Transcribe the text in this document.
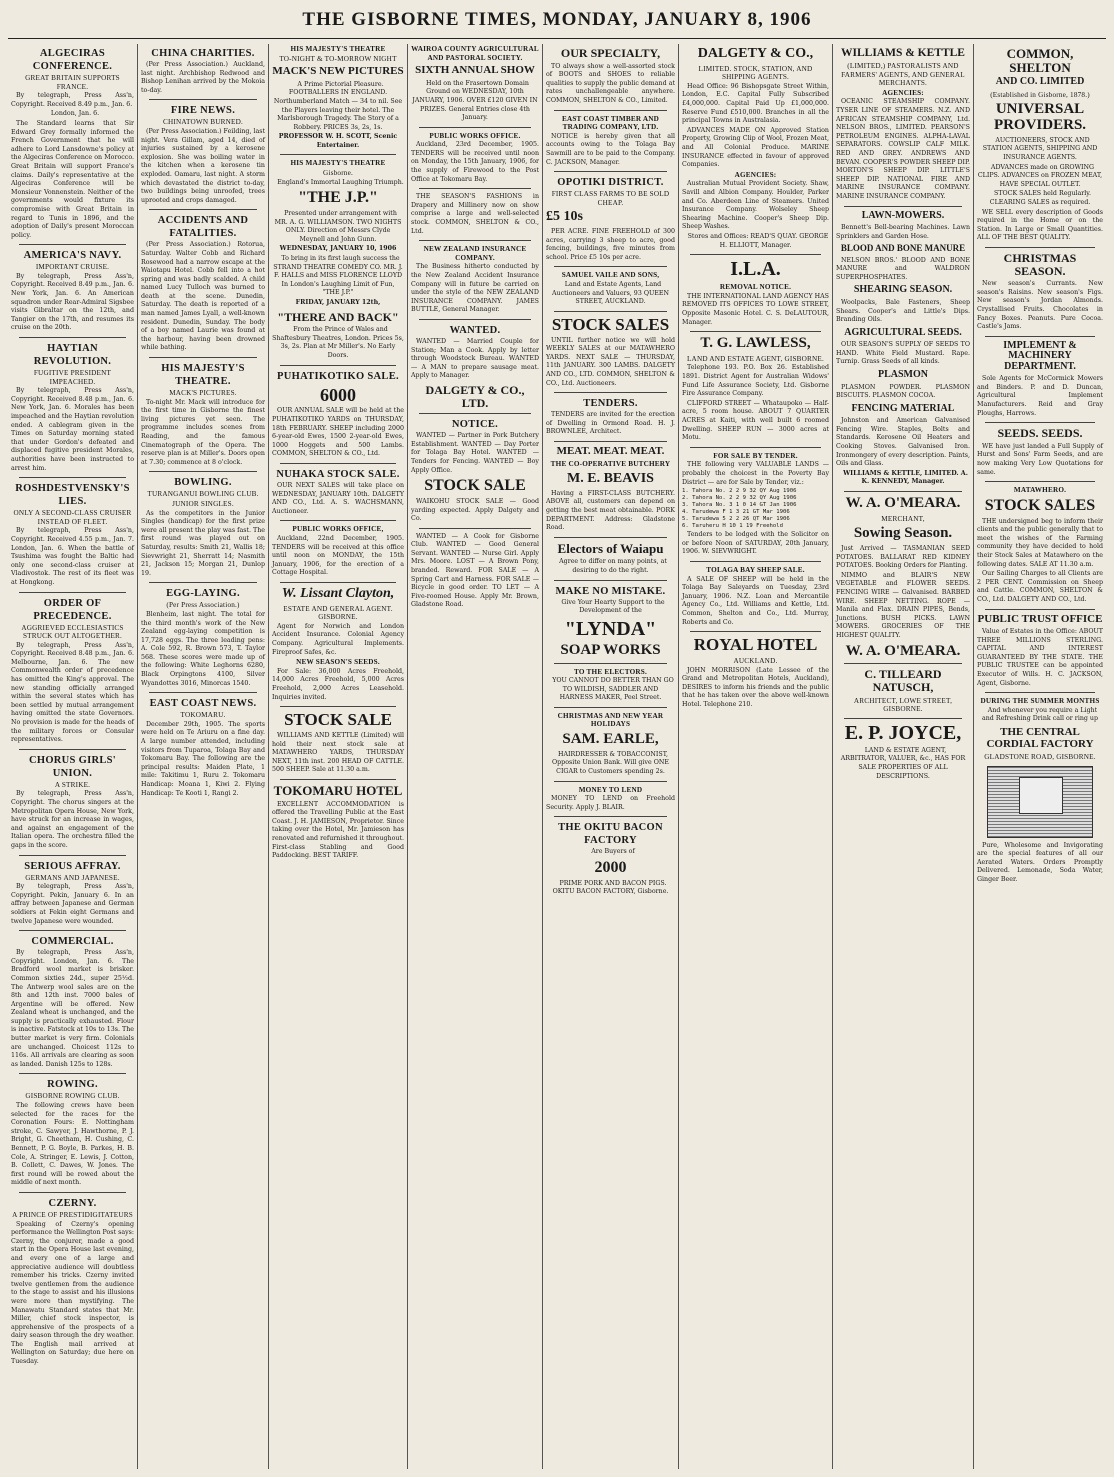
THE GISBORNE TIMES, MONDAY, JANUARY 8, 1906
ALGECIRAS CONFERENCE.
GREAT BRITAIN SUPPORTS FRANCE.

By telegraph, Press Ass'n, Copyright. Received 8.49 p.m., Jan. 6.

London, Jan. 6.

The Standard learns that Sir Edward Grey formally informed the French Government that he will adhere to Lord Lansdowne's policy at the Algeciras Conference on Morocco. Great Britain will support France's claims. Daily's representative at the Algeciras Conference will be Monsieur Vonnenstein. Neither of the governments would fixture its compromise with Great Britain in regard to Tunis in 1896, and the adoption of Daily's present Moroccan policy.

AMERICA'S NAVY.
IMPORTANT CRUISE.

By telegraph, Press Ass'n, Copyright. Received 8.49 p.m., Jan. 6. New York, Jan. 6. An American squadron under Rear-Admiral Sigsbee visits Gibraltar on the 12th, and Tangier on the 17th, and resumes its cruise on the 20th.

HAYTIAN REVOLUTION.
FUGITIVE PRESIDENT IMPEACHED.

By telegraph, Press Ass'n, Copyright. Received 8.48 p.m., Jan. 6. New York, Jan. 6. Morales has been impeached and the Haytian revolution ended. A cablegram given in the Times on Saturday morning stated that under Gordon's defeated and displaced fugitive president Morales, authorities have been instructed to arrest him.

ROSHDESTVENSKY'S LIES.
ONLY A SECOND-CLASS CRUISER INSTEAD OF FLEET.

By telegraph, Press Ass'n, Copyright. Received 4.55 p.m., Jan. 7. London, Jan. 6. When the battle of Tsushima was fought the Baltic had only one second-class cruiser at Vladivostok. The rest of its fleet was at Hongkong.

ORDER OF PRECEDENCE.
AGGRIEVED ECCLESIASTICS STRUCK OUT ALTOGETHER.

By telegraph, Press Ass'n, Copyright. Received 8.48 p.m., Jan. 6. Melbourne, Jan. 6. The new Commonwealth order of precedence has omitted the King's approval. The new standing officially arranged within the several states which has been settled by mutual arrangement having omitted the state Governors. No provision is made for the heads of the military forces or Consular representatives.

CHORUS GIRLS' UNION.
A STRIKE.

By telegraph, Press Ass'n, Copyright. The chorus singers at the Metropolitan Opera House, New York, have struck for an increase in wages, and against an engagement of the Italian opera. The orchestra filled the gaps in the score.

SERIOUS AFFRAY.
GERMANS AND JAPANESE.

By telegraph, Press Ass'n, Copyright. Pekin, January 6. In an affray between Japanese and German soldiers at Fekin eight Germans and twelve Japanese were wounded.

COMMERCIAL.

By telegraph, Press Ass'n, Copyright. London, Jan. 6. The Bradford wool market is brisker. Common sixties 24d., super 25½d. The Antwerp wool sales are on the 8th and 12th inst. 7000 bales of Argentine will be offered. New Zealand wheat is unchanged, and the supply is practically exhausted. Flour is inactive. Fatstock at 10s to 13s. The butter market is very firm. Colonials are unchanged. Choicest 112s to 116s. All arrivals are clearing as soon as landed. Danish 125s to 128s.

ROWING.
GISBORNE ROWING CLUB.

The following crews have been selected for the races for the Coronation Fours: E. Nottingham stroke, C. Sawyer, J. Hawthorne, P. J. Bright, G. Cheetham, H. Cushing, C. Bennett, P. G. Boyle, B. Parkes, H. B. Cole, A. Stringer, E. Lewis, J. Cotton, B. Collett, C. Dawes, W. Jones. The first round will be rowed about the middle of next month.

CZERNY.
A PRINCE OF PRESTIDIGITATEURS

Speaking of Czerny's opening performance the Wellington Post says: Czerny, the conjurer, made a good start in the Opera House last evening, and every one of a large and appreciative audience will doubtless remember his tricks. Czerny invited twelve gentlemen from the audience to the stage to assist and his illusions were more than mystifying. The Manawatu Standard states that Mr. Miller, chief stock inspector, is apprehensive of the prospects of a dairy season through the dry weather. The English mail arrived at Wellington on Saturday; due here on Tuesday.

CHINA CHARITIES.

(Per Press Association.) Auckland, last night. Archbishop Redwood and Bishop Lenihan arrived by the Mokoia to-day.

FIRE NEWS.
CHINATOWN BURNED.

(Per Press Association.) Feilding, last night. Vera Gillam, aged 14, died of injuries sustained by a kerosene explosion. She was boiling water in the kitchen when a kerosene tin exploded. Oamaru, last night. A storm which devastated the district to-day, two buildings being unroofed, trees uprooted and crops damaged.

ACCIDENTS AND FATALITIES.

(Per Press Association.) Rotorua, Saturday. Walter Cobb and Richard Rosewood had a narrow escape at the Waiotapu Hotel. Cobb fell into a hot spring and was badly scalded. A child named Lucy Tulloch was burned to death at the scene. Dunedin, Saturday. The death is reported of a man named James Lyall, a well-known resident. Dunedin, Sunday. The body of a boy named Laurie was found at the harbour, having been drowned while bathing.

HIS MAJESTY'S THEATRE.
MACK'S PICTURES.

To-night Mr. Mack will introduce for the first time in Gisborne the finest living pictures yet seen. The programme includes scenes from Reading, and the famous Cinematograph of the Opera. The reserve plan is at Miller's. Doors open at 7.30; commence at 8 o'clock.

BOWLING.
TURANGANUI BOWLING CLUB.
JUNIOR SINGLES.

As the competitors in the Junior Singles (handicap) for the first prize were all present the play was fast. The first round was played out on Saturday, results: Smith 21, Wallis 18; Sievwright 21, Sherratt 14; Nasmith 21, Jackson 15; Morgan 21, Dunlop 19.

EGG-LAYING.
(Per Press Association.)

Blenheim, last night. The total for the third month's work of the New Zealand egg-laying competition is 17,728 eggs. The three leading pens: A. Cole 592, R. Brown 573, T. Taylor 568. These scores were made up of the following: White Leghorns 6280, Black Orpingtons 4100, Silver Wyandottes 3016, Minorcas 1540.

EAST COAST NEWS.
TOKOMARU.

December 29th, 1905. The sports were held on Te Ariuru on a fine day. A large number attended, including visitors from Tuparoa, Tolaga Bay and Tokomaru Bay. The following are the principal results: Maiden Plate, 1 mile: Takitimu 1, Ruru 2. Tokomaru Handicap: Moana 1, Kiwi 2. Flying Handicap: Te Kooti 1, Rangi 2.

HIS MAJESTY'S THEATRE
TO-NIGHT & TO-MORROW NIGHT
MACK'S NEW PICTURES

A Prime Pictorial Pleasure. FOOTBALLERS IN ENGLAND. Northumberland Match — 34 to nil. See the Players leaving their hotel. The Marlsborough Tragedy. The Story of a Robbery. PRICES 3s, 2s, 1s.

PROFESSOR W. H. SCOTT, Scenic Entertainer.
HIS MAJESTY'S THEATRE
Gisborne.

England's Immortal Laughing Triumph.

"THE J.P."

Presented under arrangement with MR. A. G. WILLIAMSON. TWO NIGHTS ONLY. Direction of Messrs Clyde Meynell and John Gunn.

WEDNESDAY, JANUARY 10, 1906

To bring in its first laugh success the STRAND THEATRE COMEDY CO. MR. J. F. HALLS and MISS FLORENCE LLOYD In London's Laughing Limit of Fun, "THE J.P."

FRIDAY, JANUARY 12th,
"THERE AND BACK"

From the Prince of Wales and Shaftesbury Theatres, London. Prices 5s, 3s, 2s. Plan at Mr Miller's. No Early Doors.

PUHATIKOTIKO SALE.
6000

OUR ANNUAL SALE will be held at the PUHATIKOTIKO YARDS on THURSDAY, 18th FEBRUARY. SHEEP including 2000 6-year-old Ewes, 1500 2-year-old Ewes, 1000 Hoggets and 500 Lambs. COMMON, SHELTON & CO., Ltd.

NUHAKA STOCK SALE.

OUR NEXT SALES will take place on WEDNESDAY, JANUARY 10th. DALGETY AND CO., Ltd. A. S. WACHSMANN, Auctioneer.

PUBLIC WORKS OFFICE,

Auckland, 22nd December, 1905. TENDERS will be received at this office until noon on MONDAY, the 15th January, 1906, for the erection of a Cottage Hospital.

W. Lissant Clayton,
ESTATE AND GENERAL AGENT. GISBORNE.

Agent for Norwich and London Accident Insurance. Colonial Agency Company. Agricultural Implements. Fireproof Safes, &c.

NEW SEASON'S SEEDS.

For Sale: 36,000 Acres Freehold, 14,000 Acres Freehold, 5,000 Acres Freehold, 2,000 Acres Leasehold. Inquiries invited.

STOCK SALE

WILLIAMS AND KETTLE (Limited) will hold their next stock sale at MATAWHERO YARDS, THURSDAY NEXT, 11th inst. 200 HEAD OF CATTLE. 500 SHEEP. Sale at 11.30 a.m.

TOKOMARU HOTEL

EXCELLENT ACCOMMODATION is offered the Travelling Public at the East Coast. J. H. JAMIESON, Proprietor. Since taking over the Hotel, Mr. Jamieson has renovated and refurnished it throughout. First-class Stabling and Good Paddocking. BEST TARIFF.

WAIROA COUNTY AGRICULTURAL AND PASTORAL SOCIETY.
SIXTH ANNUAL SHOW

Held on the Frasertown Domain Ground on WEDNESDAY, 10th JANUARY, 1906. OVER £120 GIVEN IN PRIZES. General Entries close 4th January.

PUBLIC WORKS OFFICE.

Auckland, 23rd December, 1905. TENDERS will be received until noon on Monday, the 15th January, 1906, for the supply of Firewood to the Post Office at Tokomaru Bay.

THE SEASON'S FASHIONS in Drapery and Millinery now on show comprise a large and well-selected stock. COMMON, SHELTON & CO., Ltd.

NEW ZEALAND INSURANCE COMPANY.

The Business hitherto conducted by the New Zealand Accident Insurance Company will in future be carried on under the style of the NEW ZEALAND INSURANCE COMPANY. JAMES BUTTLE, General Manager.

WANTED.

WANTED — Married Couple for Station; Man a Cook. Apply by letter through Woodstock Bureau. WANTED — A MAN to prepare sausage meat. Apply to Manager.

DALGETY & CO., LTD.
NOTICE.

WANTED — Partner in Pork Butchery Establishment. WANTED — Day Porter for Tolaga Bay Hotel. WANTED — Tenders for Fencing. WANTED — Boy Apply Office.

STOCK SALE

WAIKOHU STOCK SALE — Good yarding expected. Apply Dalgety and Co.

WANTED — A Cook for Gisborne Club. WANTED — Good General Servant. WANTED — Nurse Girl. Apply Mrs. Moore. LOST — A Brown Pony, branded. Reward. FOR SALE — A Spring Cart and Harness. FOR SALE — Bicycle in good order. TO LET — A Five-roomed House. Apply Mr. Brown, Gladstone Road.

OUR SPECIALTY,

TO always show a well-assorted stock of BOOTS and SHOES to reliable qualities to supply the public demand at rates unchallengeable anywhere. COMMON, SHELTON & CO., Limited.

EAST COAST TIMBER AND TRADING COMPANY, LTD.

NOTICE is hereby given that all accounts owing to the Tolaga Bay Sawmill are to be paid to the Company. C. JACKSON, Manager.

OPOTIKI DISTRICT.
FIRST CLASS FARMS TO BE SOLD CHEAP.
£5 10s

PER ACRE. FINE FREEHOLD of 300 acres, carrying 3 sheep to acre, good fencing, buildings, five minutes from school. Price £5 10s per acre.

SAMUEL VAILE AND SONS,

Land and Estate Agents, Land Auctioneers and Valuers, 93 QUEEN STREET, AUCKLAND.

STOCK SALES

UNTIL further notice we will hold WEEKLY SALES at our MATAWHERO YARDS. NEXT SALE — THURSDAY, 11th JANUARY. 300 LAMBS. DALGETY AND CO., LTD. COMMON, SHELTON & CO., Ltd. Auctioneers.

TENDERS.

TENDERS are invited for the erection of Dwelling in Ormond Road. H. J. BROWNLEE, Architect.

MEAT. MEAT. MEAT.
THE CO-OPERATIVE BUTCHERY
M. E. BEAVIS

Having a FIRST-CLASS BUTCHERY. ABOVE all, customers can depend on getting the best meat obtainable. PORK DEPARTMENT. Address: Gladstone Road.

Electors of Waiapu

Agree to differ on many points, at desiring to do the right.

MAKE NO MISTAKE.

Give Your Hearty Support to the Development of the

"LYNDA"
SOAP WORKS
TO THE ELECTORS.

YOU CANNOT DO BETTER THAN GO TO WILDISH, SADDLER AND HARNESS MAKER, Peel Street.

CHRISTMAS AND NEW YEAR HOLIDAYS
SAM. EARLE,

HAIRDRESSER & TOBACCONIST, Opposite Union Bank. Will give ONE CIGAR to Customers spending 2s.

MONEY TO LEND

MONEY TO LEND on Freehold Security. Apply J. BLAIR.

THE OKITU BACON FACTORY

Are Buyers of

2000

PRIME PORK AND BACON PIGS. OKITU BACON FACTORY, Gisborne.

DALGETY & CO.,
LIMITED. STOCK, STATION, AND SHIPPING AGENTS.

Head Office: 96 Bishopsgate Street Within, London, E.C. Capital Fully Subscribed £4,000,000. Capital Paid Up £1,000,000. Reserve Fund £510,000. Branches in all the principal Towns in Australasia.

ADVANCES MADE ON Approved Station Property, Growing Clip of Wool, Frozen Meat, and All Colonial Produce. MARINE INSURANCE effected in favour of approved Companies.

AGENCIES:

Australian Mutual Provident Society. Shaw, Savill and Albion Company. Houlder, Parker and Co. Aberdeen Line of Steamers. United Insurance Company. Wolseley Sheep Shearing Machine. Cooper's Sheep Dip. Sheep Washes.

Stores and Offices: READ'S QUAY. GEORGE H. ELLIOTT, Manager.

I.L.A.
REMOVAL NOTICE.

THE INTERNATIONAL LAND AGENCY HAS REMOVED ITS OFFICES TO LOWE STREET, Opposite Masonic Hotel. C. S. DeLAUTOUR, Manager.

T. G. LAWLESS,
LAND AND ESTATE AGENT, GISBORNE.

Telephone 193. P.O. Box 26. Established 1891. District Agent for Australian Widows' Fund Life Assurance Society, Ltd. Gisborne Fire Assurance Company.

CLIFFORD STREET — Whataupoko — Half-acre, 5 room house. ABOUT 7 QUARTER ACRES at Kaiti, with well built 6 roomed Dwelling. SHEEP RUN — 3000 acres at Motu.

FOR SALE BY TENDER.

THE following very VALUABLE LANDS — probably the choicest in the Poverty Bay District — are for Sale by Tender, viz.:

1. Tahora No. 2 2 9 32 QY Aug 1906
2. Tahora No. 2 2 9 32 QY Aug 1906
3. Tahora No. 3 1 0 14 GT Jan 1906
4. Tarudewa F 1 3 21 GT Mar 1906
5. Tarudewa 5 2 2 26 QT Mar 1906
6. Taruheru H 10 1 19 Freehold

Tenders to be lodged with the Solicitor on or before Noon of SATURDAY, 20th January, 1906. W. SIEVWRIGHT.

TOLAGA BAY SHEEP SALE.

A SALE OF SHEEP will be held in the Tolaga Bay Saleyards on Tuesday, 23rd January, 1906. N.Z. Loan and Mercantile Agency Co., Ltd. Williams and Kettle, Ltd. Common, Shelton and Co., Ltd. Murray, Roberts and Co.

ROYAL HOTEL
AUCKLAND.

JOHN MORRISON (Late Lessee of the Grand and Metropolitan Hotels, Auckland), DESIRES to inform his friends and the public that he has taken over the above well-known Hotel. Telephone 210.

WILLIAMS & KETTLE
(LIMITED,) PASTORALISTS AND FARMERS' AGENTS, AND GENERAL MERCHANTS.
AGENCIES:

OCEANIC STEAMSHIP COMPANY. TYSER LINE OF STEAMERS. N.Z. AND AFRICAN STEAMSHIP COMPANY, Ltd. NELSON BROS., LIMITED. PEARSON'S PETROLEUM ENGINES. ALPHA-LAVAL SEPARATORS. COWSLIP CALF MILK. RED AND GREY. ANDREWS AND BEVAN. COOPER'S POWDER SHEEP DIP. MORTON'S SHEEP DIP. LITTLE'S SHEEP DIP. NATIONAL FIRE AND MARINE INSURANCE COMPANY. MARINE INSURANCE COMPANY.

LAWN-MOWERS.

Bennett's Bell-bearing Machines. Lawn Sprinklers and Garden Hose.

BLOOD AND BONE MANURE

NELSON BROS.' BLOOD AND BONE MANURE and WALDRON SUPERPHOSPHATES.

SHEARING SEASON.

Woolpacks, Bale Fasteners, Sheep Shears. Cooper's and Little's Dips. Branding Oils.

AGRICULTURAL SEEDS.

OUR SEASON'S SUPPLY OF SEEDS TO HAND. White Field Mustard. Rape. Turnip. Grass Seeds of all kinds.

PLASMON

PLASMON POWDER. PLASMON BISCUITS. PLASMON COCOA.

FENCING MATERIAL

Johnston and American Galvanised Fencing Wire. Staples, Bolts and Standards. Kerosene Oil Heaters and Cooking Stoves. Galvanised Iron. Ironmongery of every description. Paints, Oils and Glass.

WILLIAMS & KETTLE, LIMITED. A. K. KENNEDY, Manager.

W. A. O'MEARA.
MERCHANT,
Sowing Season.

Just Arrived — TASMANIAN SEED POTATOES. BALLARAT RED KIDNEY POTATOES. Booking Orders for Planting.

NIMMO and BLAIR'S NEW VEGETABLE and FLOWER SEEDS. FENCING WIRE — Galvanised. BARBED WIRE. SHEEP NETTING. ROPE — Manila and Flax. DRAIN PIPES, Bends, Junctions. BUSH PICKS. LAWN MOWERS. GROCERIES OF THE HIGHEST QUALITY.

W. A. O'MEARA.
C. TILLEARD NATUSCH,
ARCHITECT, LOWE STREET, GISBORNE.
E. P. JOYCE,

LAND & ESTATE AGENT, ARBITRATOR, VALUER, &c., HAS FOR SALE PROPERTIES OF ALL DESCRIPTIONS.

COMMON, SHELTON
AND CO. LIMITED
(Established in Gisborne, 1878.)
UNIVERSAL PROVIDERS.

AUCTIONEERS, STOCK AND STATION AGENTS, SHIPPING AND INSURANCE AGENTS.

ADVANCES made on GROWING CLIPS. ADVANCES on FROZEN MEAT, HAVE SPECIAL OUTLET.

STOCK SALES held Regularly. CLEARING SALES as required.

WE SELL every description of Goods required in the Home or on the Station. In Large or Small Quantities. ALL OF THE BEST QUALITY.

CHRISTMAS SEASON.

New season's Currants. New season's Raisins. New season's Figs. New season's Jordan Almonds. Crystallised Fruits. Chocolates in Fancy Boxes. Peanuts. Pure Cocoa. Castle's Jams.

IMPLEMENT & MACHINERY DEPARTMENT.

Sole Agents for McCormick Mowers and Binders. P. and D. Duncan, Agricultural Implement Manufacturers. Reid and Gray Ploughs, Harrows.

SEEDS. SEEDS.

WE have just landed a Full Supply of Hurst and Sons' Farm Seeds, and are now making Very Low Quotations for same.

MATAWHERO.
STOCK SALES

THE undersigned beg to inform their clients and the public generally that to meet the wishes of the Farming community they have decided to hold their Stock Sales at Matawhero on the following dates. SALE AT 11.30 a.m.

Our Sailing Charges to all Clients are 2 PER CENT. Commission on Sheep and Cattle. COMMON, SHELTON & CO., Ltd. DALGETY AND CO., Ltd.

PUBLIC TRUST OFFICE

Value of Estates in the Office: ABOUT THREE MILLIONS STERLING. CAPITAL AND INTEREST GUARANTEED BY THE STATE. THE PUBLIC TRUSTEE can be appointed Executor of Wills. H. C. JACKSON, Agent, Gisborne.

DURING THE SUMMER MONTHS

And whenever you require a Light and Refreshing Drink call or ring up

THE CENTRAL CORDIAL FACTORY
GLADSTONE ROAD, GISBORNE.

Pure, Wholesome and Invigorating are the special features of all our Aerated Waters. Orders Promptly Delivered. Lemonade, Soda Water, Ginger Beer.
